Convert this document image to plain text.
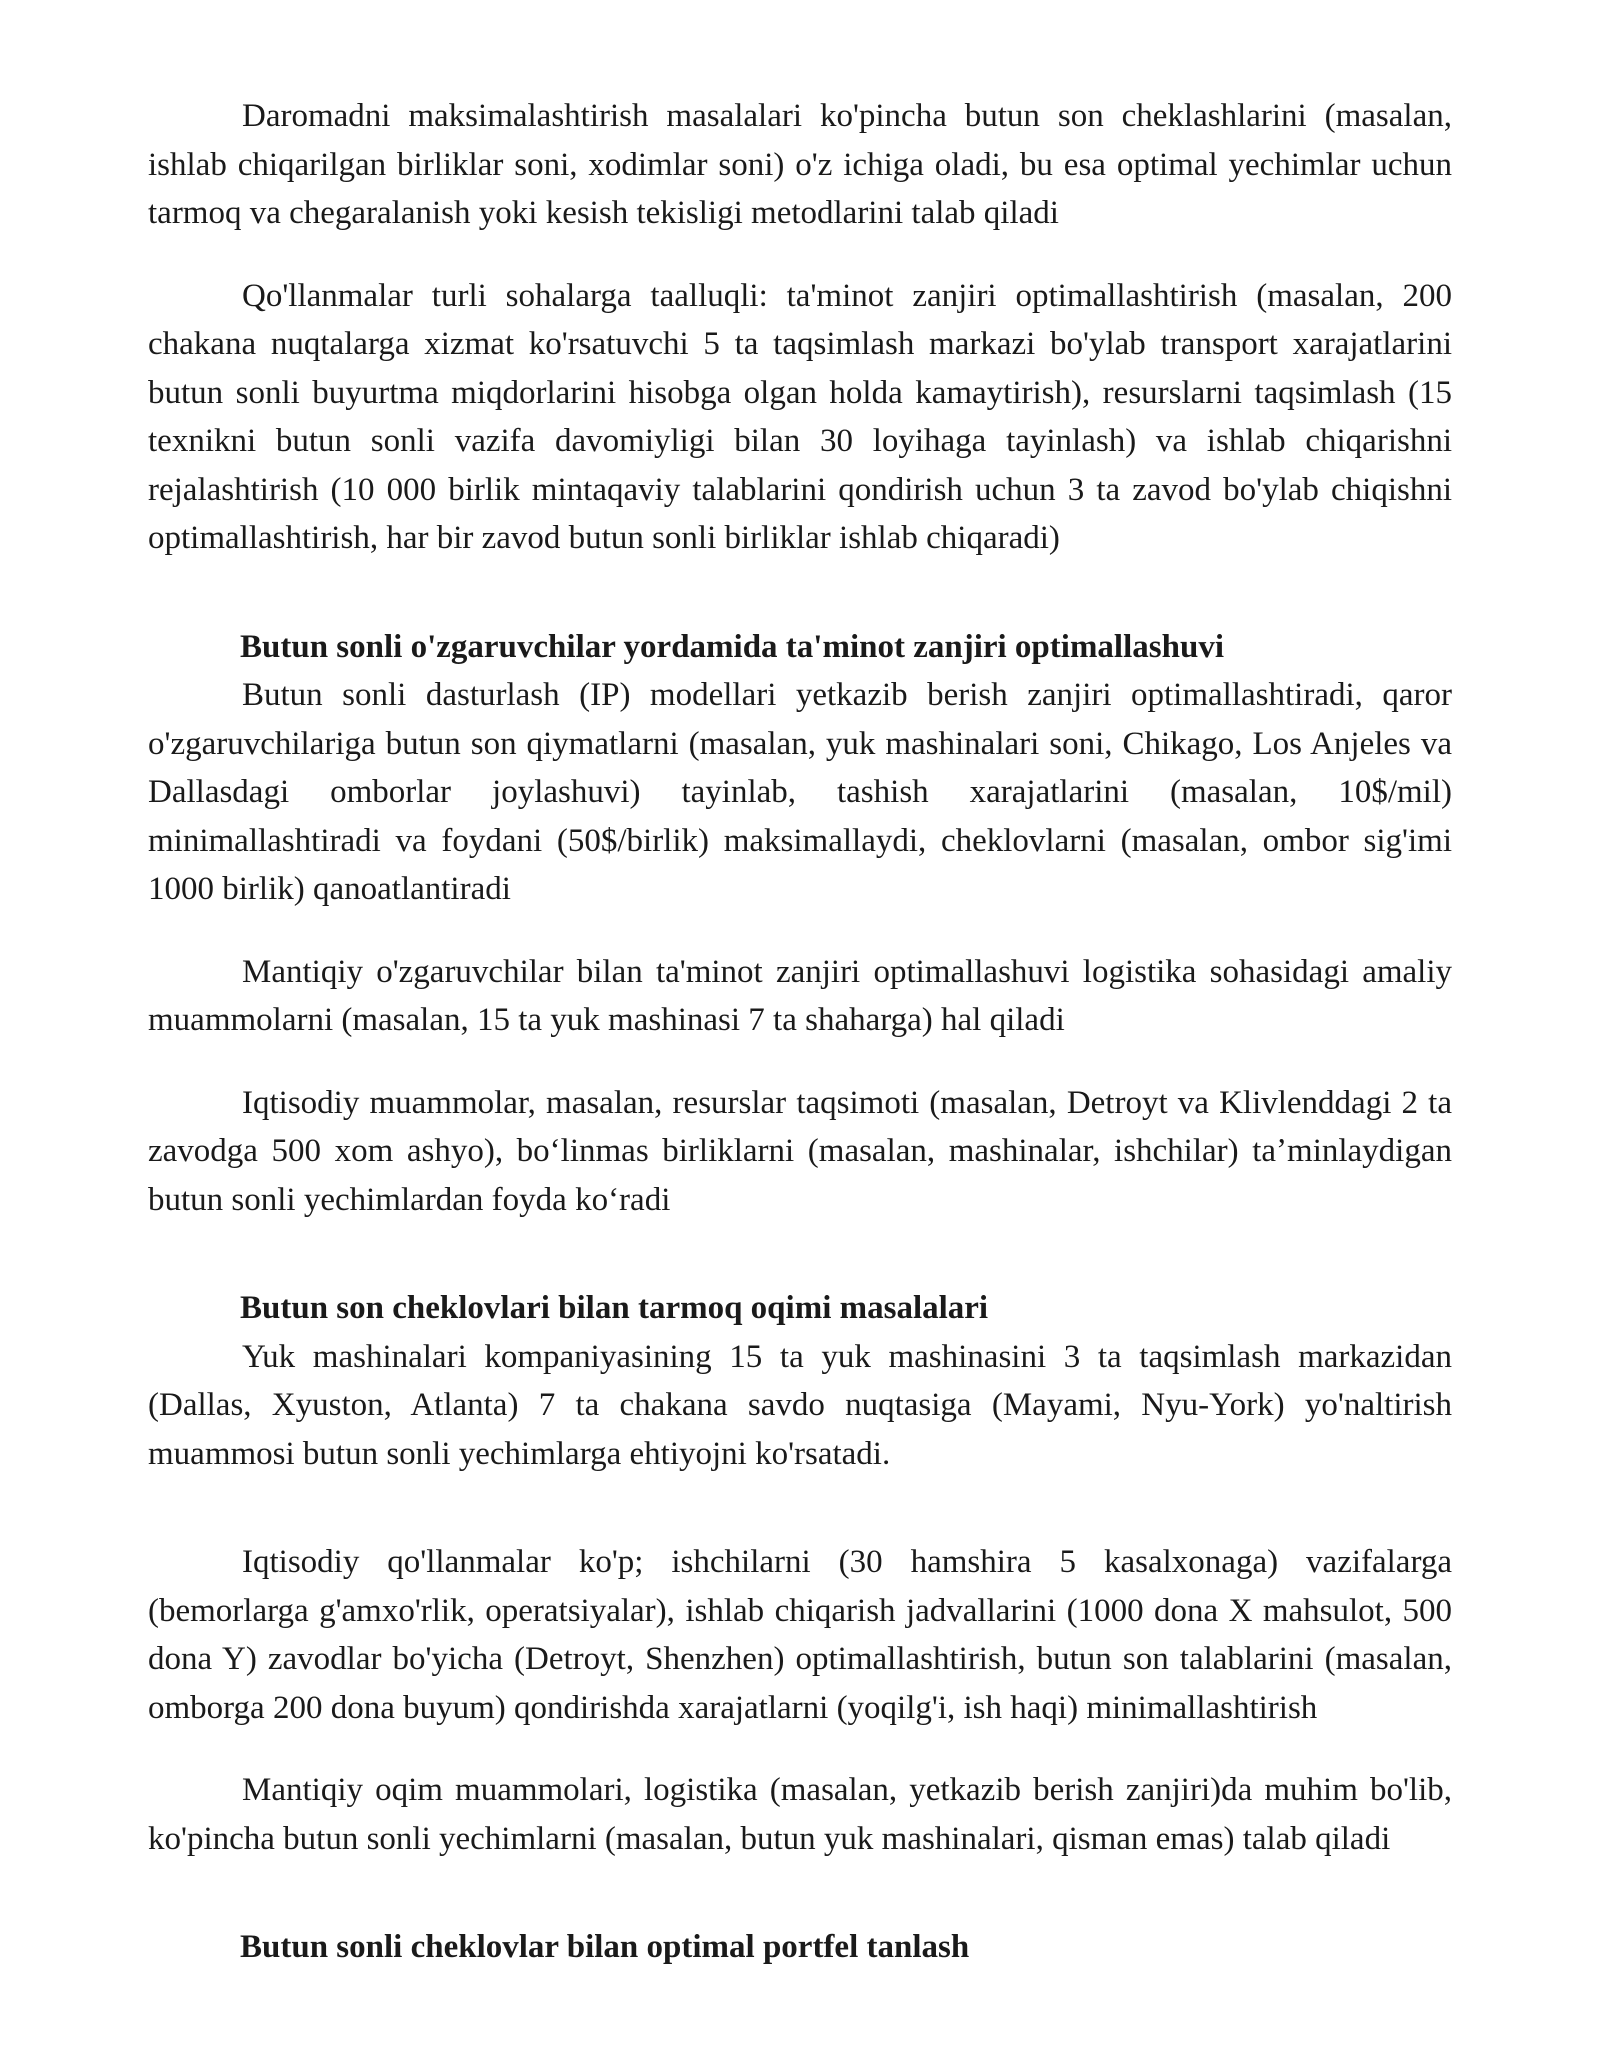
Daromadni maksimalashtirish masalalari ko'pincha butun son cheklashlarini (masalan, ishlab chiqarilgan birliklar soni, xodimlar soni) o'z ichiga oladi, bu esa optimal yechimlar uchun tarmoq va chegaralanish yoki kesish tekisligi metodlarini talab qiladi

Qo'llanmalar turli sohalarga taalluqli: ta'minot zanjiri optimallashtirish (masalan, 200 chakana nuqtalarga xizmat ko'rsatuvchi 5 ta taqsimlash markazi bo'ylab transport xarajatlarini butun sonli buyurtma miqdorlarini hisobga olgan holda kamaytirish), resurslarni taqsimlash (15 texnikni butun sonli vazifa davomiyligi bilan 30 loyihaga tayinlash) va ishlab chiqarishni rejalashtirish (10 000 birlik mintaqaviy talablarini qondirish uchun 3 ta zavod bo'ylab chiqishni optimallashtirish, har bir zavod butun sonli birliklar ishlab chiqaradi)

Butun sonli o'zgaruvchilar yordamida ta'minot zanjiri optimallashuvi

Butun sonli dasturlash (IP) modellari yetkazib berish zanjiri optimallashtiradi, qaror o'zgaruvchilariga butun son qiymatlarni (masalan, yuk mashinalari soni, Chikago, Los Anjeles va Dallasdagi omborlar joylashuvi) tayinlab, tashish xarajatlarini (masalan, 10$/mil) minimallashtiradi va foydani (50$/birlik) maksimallaydi, cheklovlarni (masalan, ombor sig'imi 1000 birlik) qanoatlantiradi

Mantiqiy o'zgaruvchilar bilan ta'minot zanjiri optimallashuvi logistika sohasidagi amaliy muammolarni (masalan, 15 ta yuk mashinasi 7 ta shaharga) hal qiladi

Iqtisodiy muammolar, masalan, resurslar taqsimoti (masalan, Detroyt va Klivlenddagi 2 ta zavodga 500 xom ashyo), boʻlinmas birliklarni (masalan, mashinalar, ishchilar) taʼminlaydigan butun sonli yechimlardan foyda koʻradi

Butun son cheklovlari bilan tarmoq oqimi masalalari

Yuk mashinalari kompaniyasining 15 ta yuk mashinasini 3 ta taqsimlash markazidan (Dallas, Xyuston, Atlanta) 7 ta chakana savdo nuqtasiga (Mayami, Nyu-York) yo'naltirish muammosi butun sonli yechimlarga ehtiyojni ko'rsatadi.

Iqtisodiy qo'llanmalar ko'p; ishchilarni (30 hamshira 5 kasalxonaga) vazifalarga (bemorlarga g'amxo'rlik, operatsiyalar), ishlab chiqarish jadvallarini (1000 dona X mahsulot, 500 dona Y) zavodlar bo'yicha (Detroyt, Shenzhen) optimallashtirish, butun son talablarini (masalan, omborga 200 dona buyum) qondirishda xarajatlarni (yoqilg'i, ish haqi) minimallashtirish

Mantiqiy oqim muammolari, logistika (masalan, yetkazib berish zanjiri)da muhim bo'lib, ko'pincha butun sonli yechimlarni (masalan, butun yuk mashinalari, qisman emas) talab qiladi

Butun sonli cheklovlar bilan optimal portfel tanlash
